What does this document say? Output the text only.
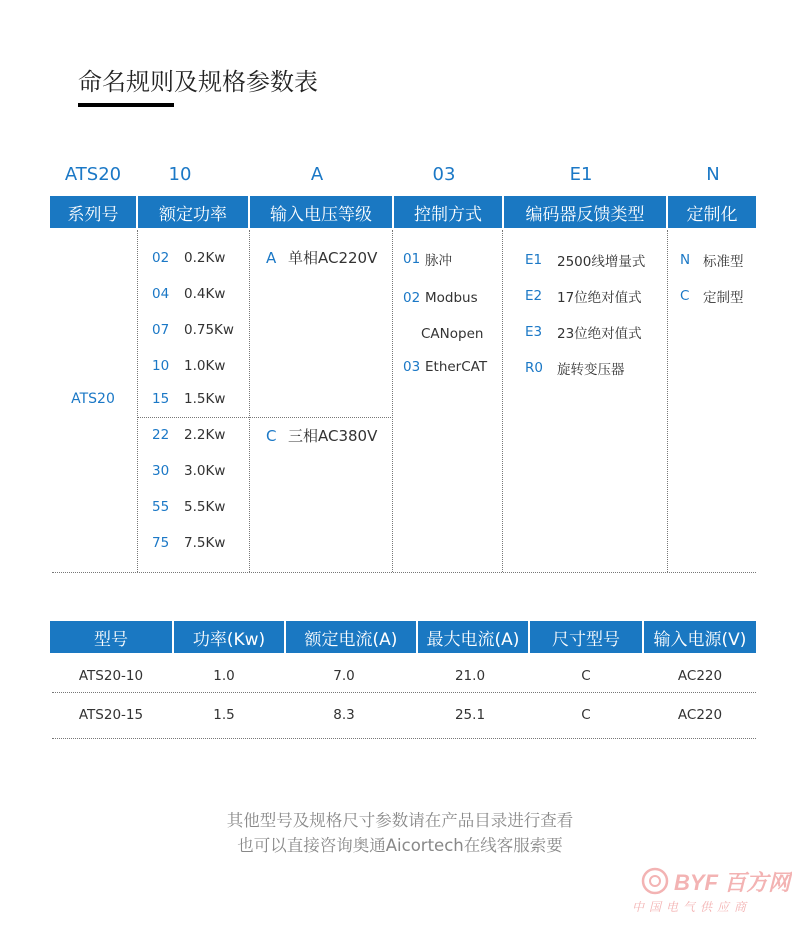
命名规则及规格参数表
ATS20	10	A	03	E1	N
系列号	额定功率	输入电压等级	控制方式	编码器反馈类型	定制化
ATS20
02	0.2Kw
04	0.4Kw
07	0.75Kw
10	1.0Kw
15	1.5Kw
22	2.2Kw
30	3.0Kw
55	5.5Kw
75	7.5Kw
A 单相AC220V
C 三相AC380V
01 脉冲
02 Modbus
CANopen
03 EtherCAT
E1	2500线增量式
E2	17位绝对值式
E3	23位绝对值式
R0	旋转变压器
N 标准型
C	定制型
型号	功率(Kw)	额定电流(A)	最大电流(A)	尺寸型号	输入电源(V)
ATS20-10	1.0	7.0	21.0	C	AC220
ATS20-15	1.5	8.3	25.1	C	AC220
其他型号及规格尺寸参数请在产品目录进行查看
也可以直接咨询奥通Aicortech在线客服索要
BYF 百方网
中国电气供应商
